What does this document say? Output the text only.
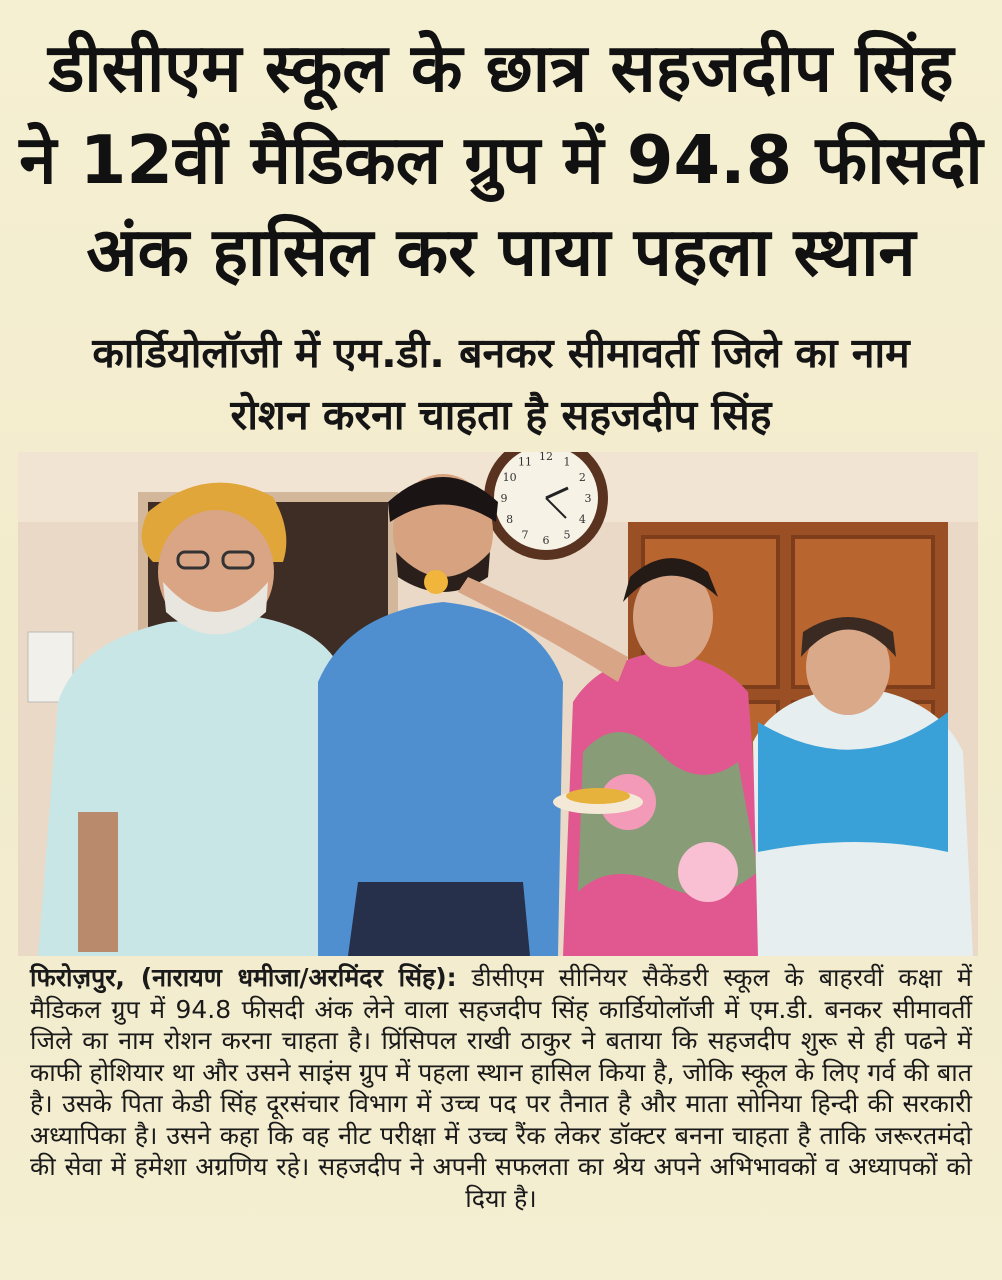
डीसीएम स्कूल के छात्र सहजदीप सिंह
ने 12वीं मैडिकल ग्रुप में 94.8 फीसदी
अंक हासिल कर पाया पहला स्थान
कार्डियोलॉजी में एम.डी. बनकर सीमावर्ती जिले का नाम
रोशन करना चाहता है सहजदीप सिंह
12 1
2
3
4
5
6
7
8
9
10
11
फिरोज़पुर, (नारायण धमीजा/अरमिंदर सिंह): डीसीएम सीनियर सैकेंडरी स्कूल के बाहरवीं कक्षा में मैडिकल ग्रुप में 94.8 फीसदी अंक लेने वाला सहजदीप सिंह कार्डियोलॉजी में एम.डी. बनकर सीमावर्ती जिले का नाम रोशन करना चाहता है। प्रिंसिपल राखी ठाकुर ने बताया कि सहजदीप शुरू से ही पढने में काफी होशियार था और उसने साइंस ग्रुप में पहला स्थान हासिल किया है, जोकि स्कूल के लिए गर्व की बात है। उसके पिता केडी सिंह दूरसंचार विभाग में उच्च पद पर तैनात है और माता सोनिया हिन्दी की सरकारी अध्यापिका है। उसने कहा कि वह नीट परीक्षा में उच्च रैंक लेकर डॉक्टर बनना चाहता है ताकि जरूरतमंदो की सेवा में हमेशा अग्रणिय रहे। सहजदीप ने अपनी सफलता का श्रेय अपने अभिभावकों व अध्यापकों को दिया है।
